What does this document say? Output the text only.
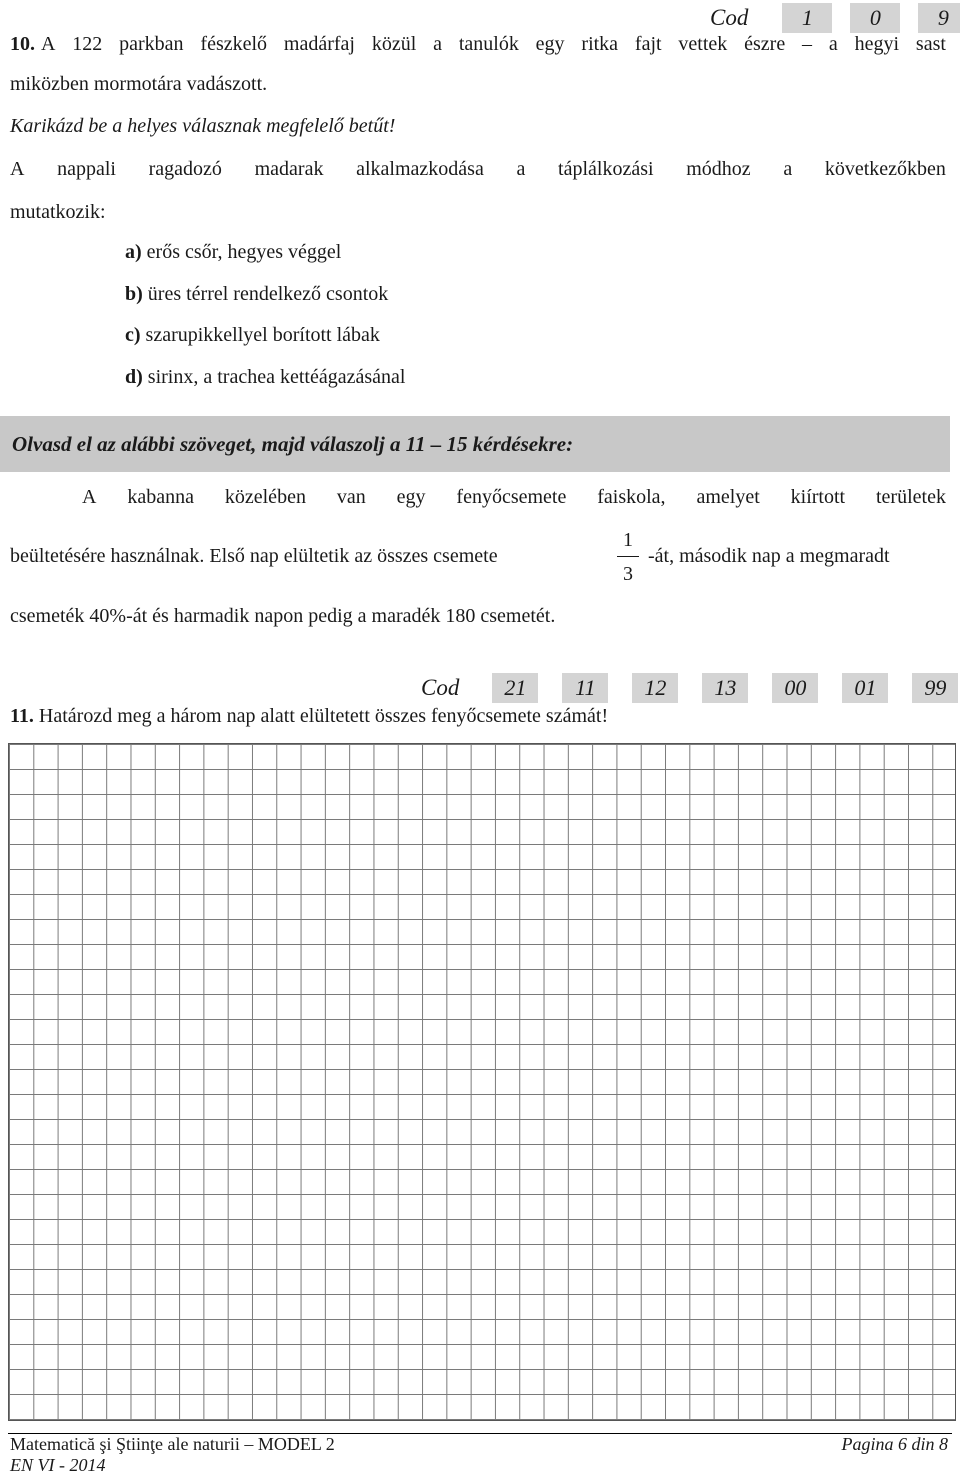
Cod	1	0	9
10. A 122 parkban fészkelő madárfaj közül a tanulók egy ritka fajt vettek észre – a hegyi sast
miközben mormotára vadászott.
Karikázd be a helyes válasznak megfelelő betűt!
A nappali ragadozó madarak alkalmazkodása a táplálkozási módhoz a következőkben
mutatkozik:
a) erős csőr, hegyes véggel
b) üres térrel rendelkező csontok
c) szarupikkellyel borított lábak
d) sirinx, a trachea kettéágazásánal
Olvasd el az alábbi szöveget, majd válaszolj a 11 – 15 kérdésekre:
A kabanna közelében van egy fenyőcsemete faiskola, amelyet kiírtott területek
beültetésére használnak. Első nap elültetik az összes csemete
1
3
-át, második nap a megmaradt
csemeték 40%-át és harmadik napon pedig a maradék 180 csemetét.
Cod	21	11	12	13	00	01	99
11. Határozd meg a három nap alatt elültetett összes fenyőcsemete számát!
Matematică şi Ştiinţe ale naturii – MODEL 2
EN VI - 2014
Pagina 6 din 8
